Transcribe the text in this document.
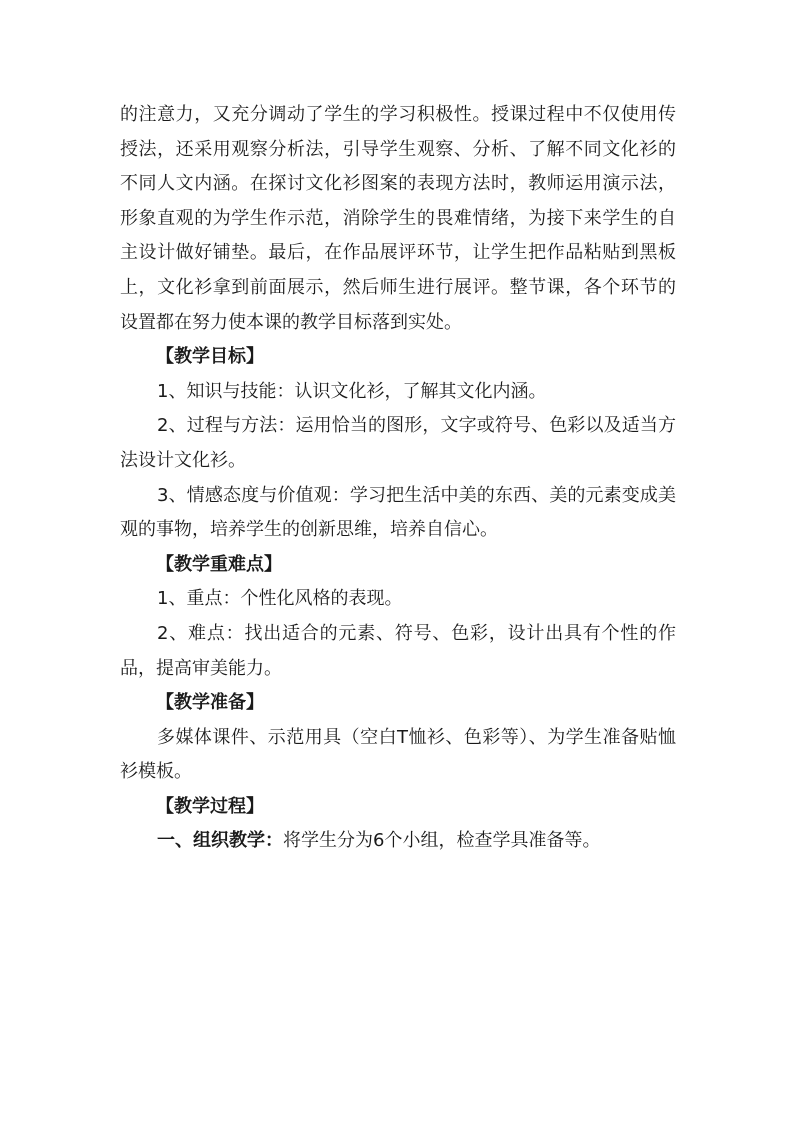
的注意力，又充分调动了学生的学习积极性。授课过程中不仅使用传授法，还采用观察分析法，引导学生观察、分析、了解不同文化衫的不同人文内涵。在探讨文化衫图案的表现方法时，教师运用演示法，形象直观的为学生作示范，消除学生的畏难情绪，为接下来学生的自主设计做好铺垫。最后，在作品展评环节，让学生把作品粘贴到黑板上，文化衫拿到前面展示，然后师生进行展评。整节课，各个环节的设置都在努力使本课的教学目标落到实处。

【教学目标】

1、知识与技能：认识文化衫，了解其文化内涵。

2、过程与方法：运用恰当的图形，文字或符号、色彩以及适当方法设计文化衫。

3、情感态度与价值观：学习把生活中美的东西、美的元素变成美观的事物，培养学生的创新思维，培养自信心。

【教学重难点】

1、重点：个性化风格的表现。

2、难点：找出适合的元素、符号、色彩，设计出具有个性的作品，提高审美能力。

【教学准备】

多媒体课件、示范用具（空白T恤衫、色彩等）、为学生准备贴恤衫模板。

【教学过程】

一、组织教学：将学生分为6个小组，检查学具准备等。
